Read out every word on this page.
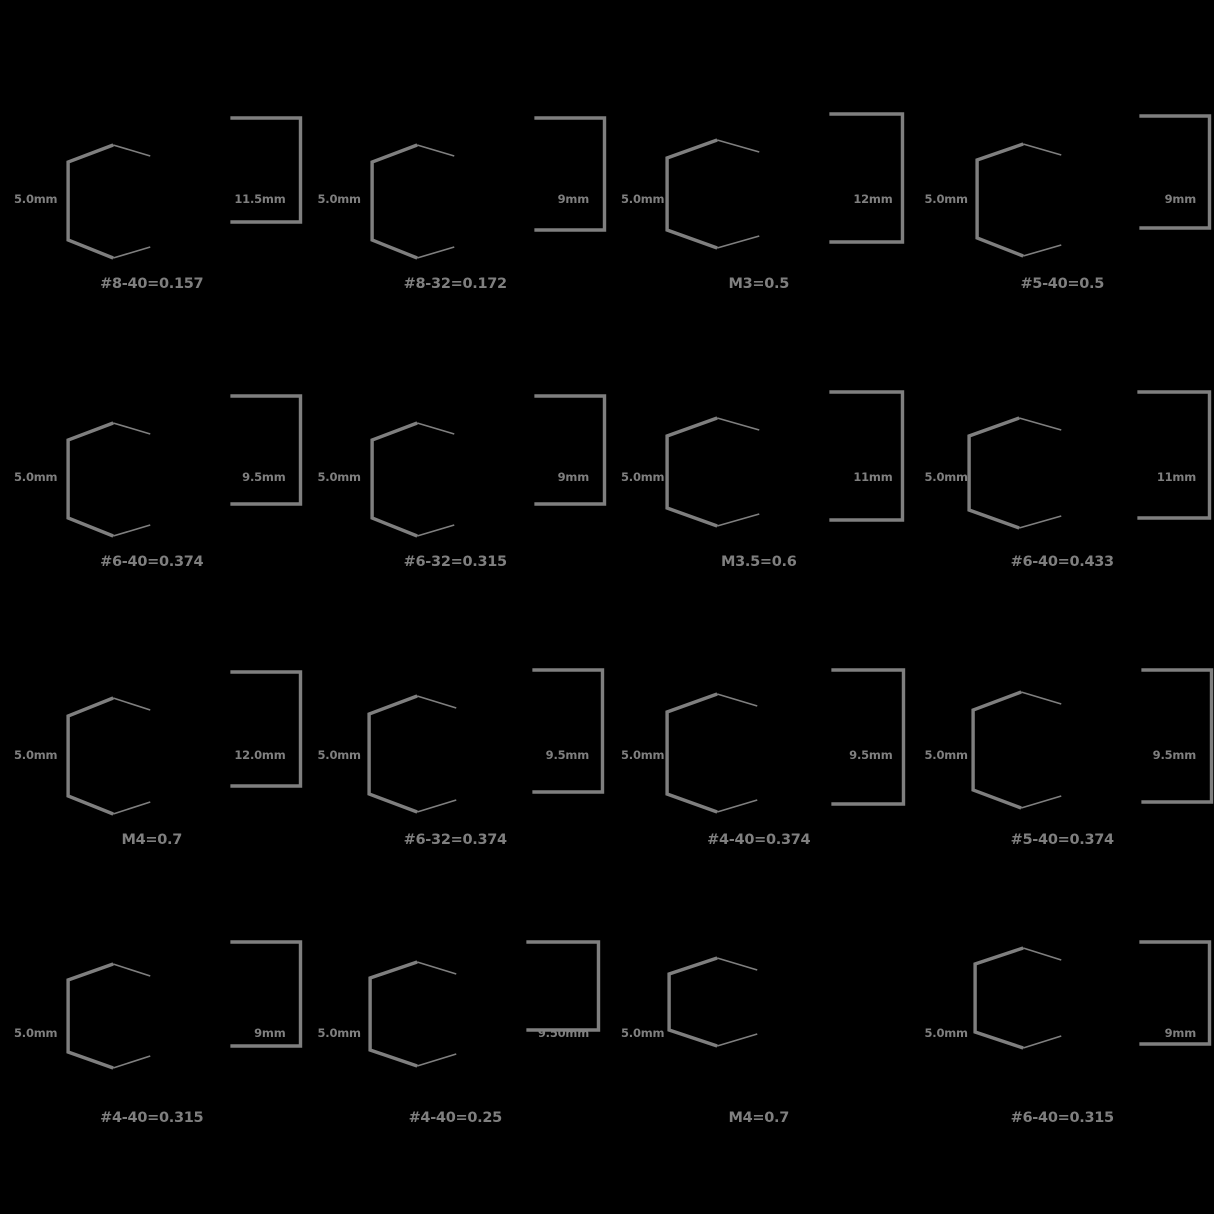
5.0mm	11.5mm
#8-40=0.157
5.0mm	9mm
#8-32=0.172
5.0mm	12mm
M3=0.5
5.0mm	9mm
#5-40=0.5
5.0mm	9.5mm
#6-40=0.374
5.0mm	9mm
#6-32=0.315
5.0mm	11mm
M3.5=0.6
5.0mm	11mm
#6-40=0.433
5.0mm	12.0mm
M4=0.7
5.0mm	9.5mm
#6-32=0.374
5.0mm	9.5mm
#4-40=0.374
5.0mm	9.5mm
#5-40=0.374
5.0mm	9mm
#4-40=0.315
5.0mm	9.50mm
#4-40=0.25
5.0mm
M4=0.7
5.0mm	9mm
#6-40=0.315
